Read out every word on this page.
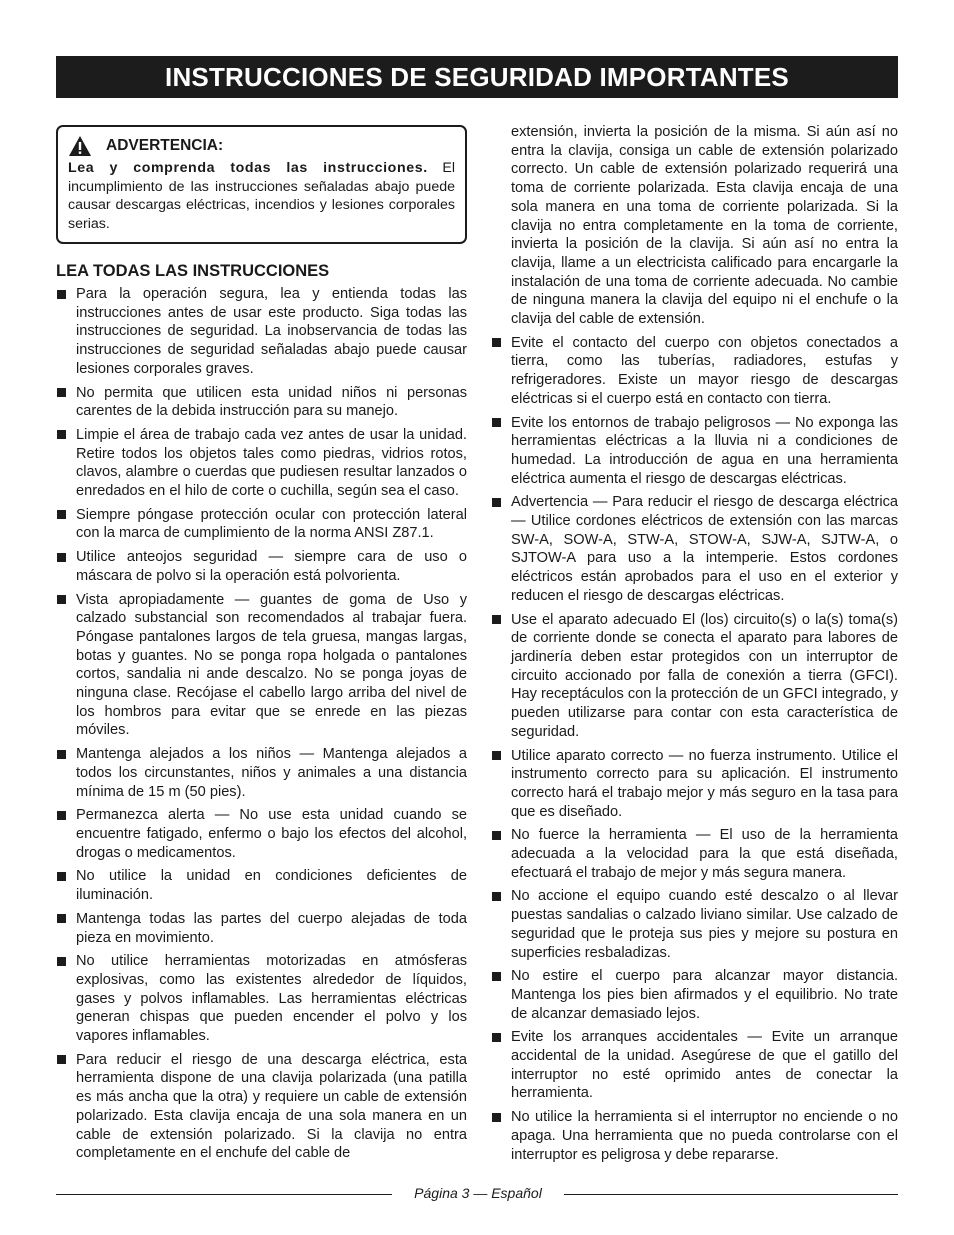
INSTRUCCIONES DE SEGURIDAD IMPORTANTES
ADVERTENCIA:
Lea y comprenda todas las instrucciones. El incumplimiento de las instrucciones señaladas abajo puede causar descargas eléctricas, incendios y lesiones corporales serias.
LEA TODAS LAS INSTRUCCIONES
Para la operación segura, lea y entienda todas las instrucciones antes de usar este producto. Siga todas las instrucciones de seguridad. La inobservancia de todas las instrucciones de seguridad señaladas abajo puede causar lesiones corporales graves.
No permita que utilicen esta unidad niños ni personas carentes de la debida instrucción para su manejo.
Limpie el área de trabajo cada vez antes de usar la unidad. Retire todos los objetos tales como piedras, vidrios rotos, clavos, alambre o cuerdas que pudiesen resultar lanzados o enredados en el hilo de corte o cuchilla, según sea el caso.
Siempre póngase protección ocular con protección lateral con la marca de cumplimiento de la norma ANSI Z87.1.
Utilice anteojos seguridad — siempre cara de uso o máscara de polvo si la operación está polvorienta.
Vista apropiadamente — guantes de goma de Uso y calzado substancial son recomendados al trabajar fuera. Póngase pantalones largos de tela gruesa, mangas largas, botas y guantes. No se ponga ropa holgada o pantalones cortos, sandalia ni ande descalzo. No se ponga joyas de ninguna clase. Recójase el cabello largo arriba del nivel de los hombros para evitar que se enrede en las piezas móviles.
Mantenga alejados a los niños — Mantenga alejados a todos los circunstantes, niños y animales a una distancia mínima de 15 m (50 pies).
Permanezca alerta — No use esta unidad cuando se encuentre fatigado, enfermo o bajo los efectos del alcohol, drogas o medicamentos.
No utilice la unidad en condiciones deficientes de iluminación.
Mantenga todas las partes del cuerpo alejadas de toda pieza en movimiento.
No utilice herramientas motorizadas en atmósferas explosivas, como las existentes alrededor de líquidos, gases y polvos inflamables. Las herramientas eléctricas generan chispas que pueden encender el polvo y los vapores inflamables.
Para reducir el riesgo de una descarga eléctrica, esta herramienta dispone de una clavija polarizada (una patilla es más ancha que la otra) y requiere un cable de extensión polarizado. Esta clavija encaja de una sola manera en un cable de extensión polarizado. Si la clavija no entra completamente en el enchufe del cable de
extensión, invierta la posición de la misma. Si aún así no entra la clavija, consiga un cable de extensión polarizado correcto. Un cable de extensión polarizado requerirá una toma de corriente polarizada. Esta clavija encaja de una sola manera en una toma de corriente polarizada. Si la clavija no entra completamente en la toma de corriente, invierta la posición de la clavija. Si aún así no entra la clavija, llame a un electricista calificado para encargarle la instalación de una toma de corriente adecuada. No cambie de ninguna manera la clavija del equipo ni el enchufe o la clavija del cable de extensión.
Evite el contacto del cuerpo con objetos conectados a tierra, como las tuberías, radiadores, estufas y refrigeradores. Existe un mayor riesgo de descargas eléctricas si el cuerpo está en contacto con tierra.
Evite los entornos de trabajo peligrosos — No exponga las herramientas eléctricas a la lluvia ni a condiciones de humedad. La introducción de agua en una herramienta eléctrica aumenta el riesgo de descargas eléctricas.
Advertencia — Para reducir el riesgo de descarga eléctrica — Utilice cordones eléctricos de extensión con las marcas SW-A, SOW-A, STW-A, STOW-A, SJW-A, SJTW-A, o SJTOW-A para uso a la intemperie. Estos cordones eléctricos están aprobados para el uso en el exterior y reducen el riesgo de descargas eléctricas.
Use el aparato adecuado El (los) circuito(s) o la(s) toma(s) de corriente donde se conecta el aparato para labores de jardinería deben estar protegidos con un interruptor de circuito accionado por falla de conexión a tierra (GFCI). Hay receptáculos con la protección de un GFCI integrado, y pueden utilizarse para contar con esta característica de seguridad.
Utilice aparato correcto — no fuerza instrumento. Utilice el instrumento correcto para su aplicación. El instrumento correcto hará el trabajo mejor y más seguro en la tasa para que es diseñado.
No fuerce la herramienta — El uso de la herramienta adecuada a la velocidad para la que está diseñada, efectuará el trabajo de mejor y más segura manera.
No accione el equipo cuando esté descalzo o al llevar puestas sandalias o calzado liviano similar. Use calzado de seguridad que le proteja sus pies y mejore su postura en superficies resbaladizas.
No estire el cuerpo para alcanzar mayor distancia. Mantenga los pies bien afirmados y el equilibrio. No trate de alcanzar demasiado lejos.
Evite los arranques accidentales — Evite un arranque accidental de la unidad. Asegúrese de que el gatillo del interruptor no esté oprimido antes de conectar la herramienta.
No utilice la herramienta si el interruptor no enciende o no apaga. Una herramienta que no pueda controlarse con el interruptor es peligrosa y debe repararse.
Página 3 — Español
